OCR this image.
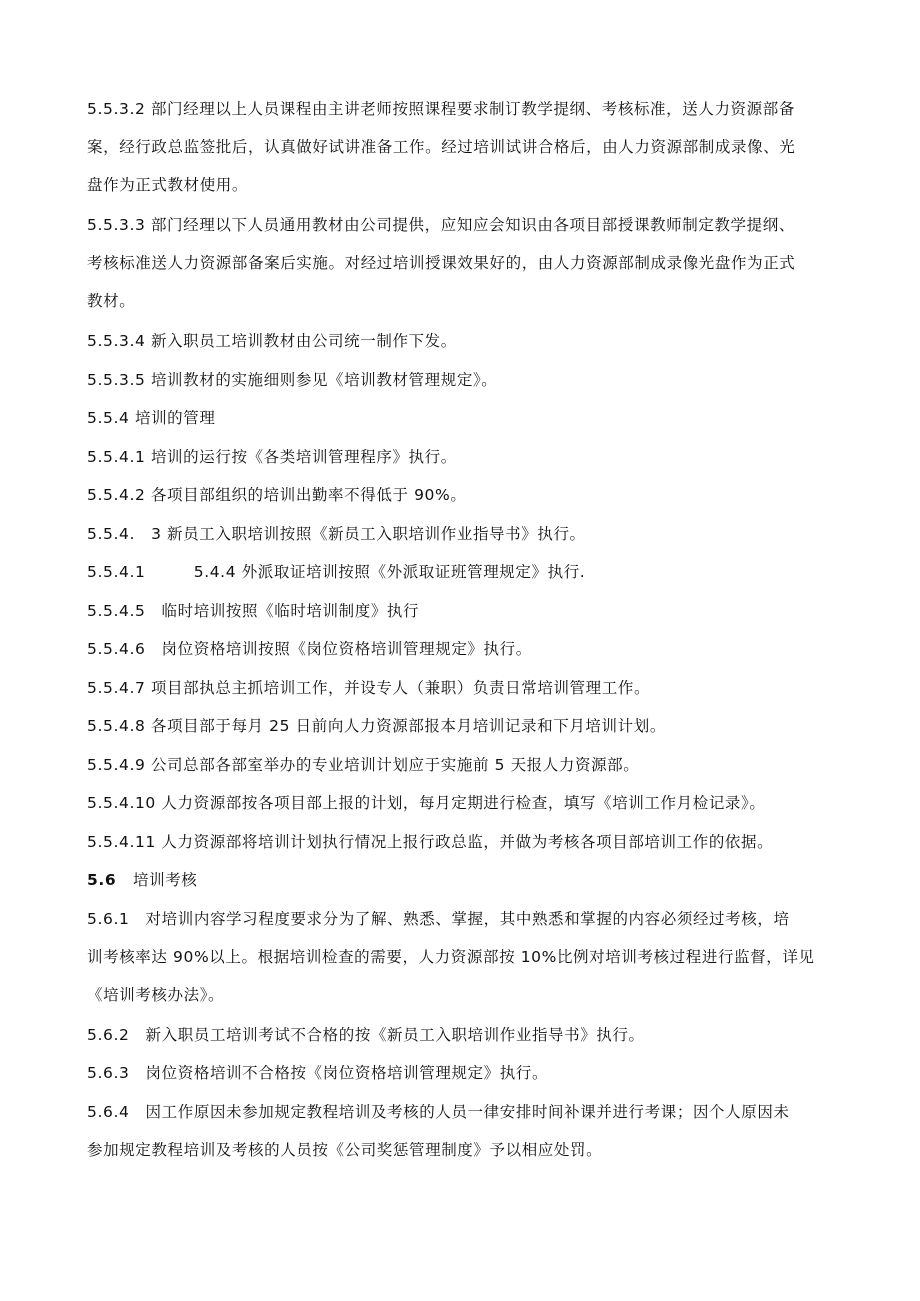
5.5.3.2 部门经理以上人员课程由主讲老师按照课程要求制订教学提纲、考核标准，送人力资源部备
案，经行政总监签批后，认真做好试讲准备工作。经过培训试讲合格后，由人力资源部制成录像、光
盘作为正式教材使用。

5.5.3.3 部门经理以下人员通用教材由公司提供，应知应会知识由各项目部授课教师制定教学提纲、
考核标准送人力资源部备案后实施。对经过培训授课效果好的，由人力资源部制成录像光盘作为正式
教材。

5.5.3.4 新入职员工培训教材由公司统一制作下发。

5.5.3.5 培训教材的实施细则参见《培训教材管理规定》。

5.5.4 培训的管理

5.5.4.1 培训的运行按《各类培训管理程序》执行。

5.5.4.2 各项目部组织的培训出勤率不得低于 90%。

5.5.4.　3 新员工入职培训按照《新员工入职培训作业指导书》执行。

5.5.4.1　　　5.4.4 外派取证培训按照《外派取证班管理规定》执行.

5.5.4.5　临时培训按照《临时培训制度》执行

5.5.4.6　岗位资格培训按照《岗位资格培训管理规定》执行。

5.5.4.7 项目部执总主抓培训工作，并设专人（兼职）负责日常培训管理工作。

5.5.4.8 各项目部于每月 25 日前向人力资源部报本月培训记录和下月培训计划。

5.5.4.9 公司总部各部室举办的专业培训计划应于实施前 5 天报人力资源部。

5.5.4.10 人力资源部按各项目部上报的计划，每月定期进行检查，填写《培训工作月检记录》。

5.5.4.11 人力资源部将培训计划执行情况上报行政总监，并做为考核各项目部培训工作的依据。

5.6 培训考核

5.6.1　对培训内容学习程度要求分为了解、熟悉、掌握，其中熟悉和掌握的内容必须经过考核，培
训考核率达 90%以上。根据培训检查的需要，人力资源部按 10%比例对培训考核过程进行监督，详见
《培训考核办法》。

5.6.2　新入职员工培训考试不合格的按《新员工入职培训作业指导书》执行。

5.6.3　岗位资格培训不合格按《岗位资格培训管理规定》执行。

5.6.4　因工作原因未参加规定教程培训及考核的人员一律安排时间补课并进行考课；因个人原因未
参加规定教程培训及考核的人员按《公司奖惩管理制度》予以相应处罚。
